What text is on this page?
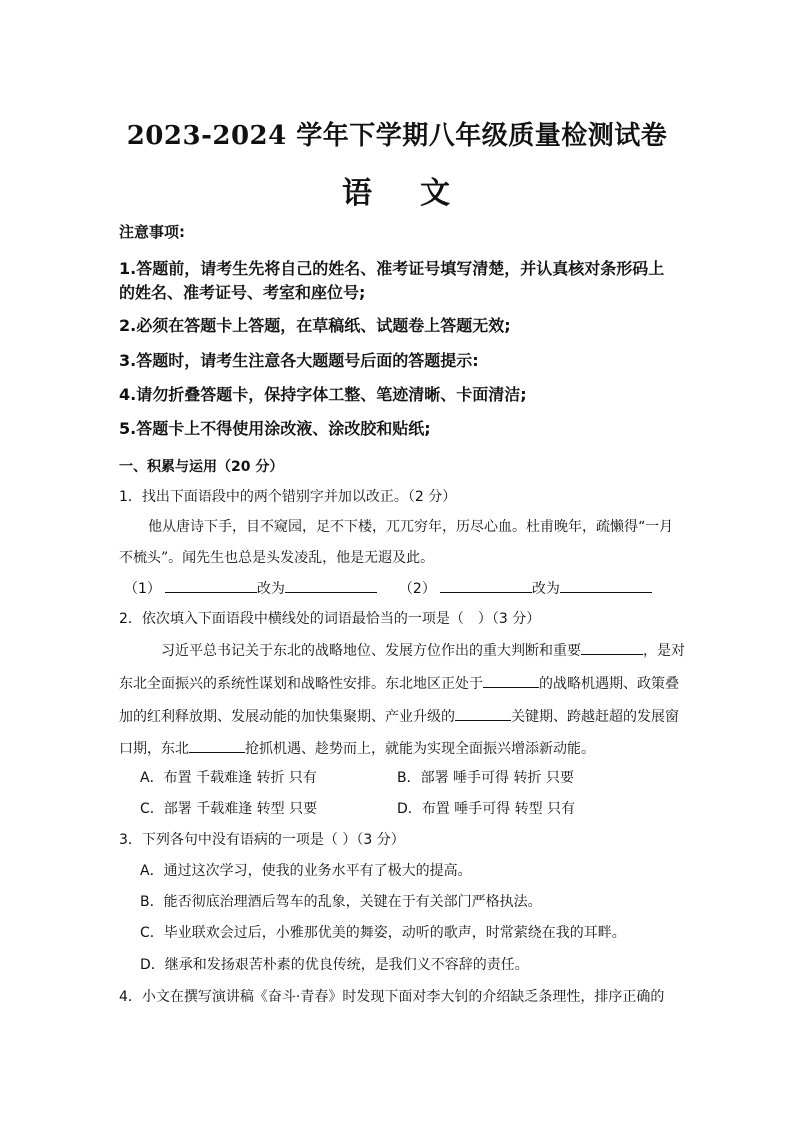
2023-2024 学年下学期八年级质量检测试卷
语 文
注意事项:
1.答题前，请考生先将自己的姓名、准考证号填写清楚，并认真核对条形码上
的姓名、准考证号、考室和座位号;
2.必须在答题卡上答题，在草稿纸、试题卷上答题无效;
3.答题时，请考生注意各大题题号后面的答题提示:
4.请勿折叠答题卡，保持字体工整、笔迹清晰、卡面清洁;
5.答题卡上不得使用涂改液、涂改胶和贴纸;
一、积累与运用（20 分）
1．找出下面语段中的两个错别字并加以改正。（2 分）
他从唐诗下手，目不窥园，足不下楼，兀兀穷年，历尽心血。杜甫晚年，疏懒得“一月
不梳头”。闻先生也总是头发凌乱，他是无遐及此。
（1）	改为	（2）	改为
2．依次填入下面语段中横线处的词语最恰当的一项是（　）（3 分）
习近平总书记关于东北的战略地位、发展方位作出的重大判断和重要	，是对
东北全面振兴的系统性谋划和战略性安排。东北地区正处于	的战略机遇期、政策叠
加的红利释放期、发展动能的加快集聚期、产业升级的	关键期、跨越赶超的发展窗
口期，东北	抢抓机遇、趁势而上，就能为实现全面振兴增添新动能。
A．布置 千载难逢 转折 只有	B．部署 唾手可得 转折 只要
C．部署 千载难逢 转型 只要	D．布置 唾手可得 转型 只有
3．下列各句中没有语病的一项是（ ）（3 分）
A．通过这次学习，使我的业务水平有了极大的提高。
B．能否彻底治理酒后驾车的乱象，关键在于有关部门严格执法。
C．毕业联欢会过后，小雅那优美的舞姿，动听的歌声，时常萦绕在我的耳畔。
D．继承和发扬艰苦朴素的优良传统，是我们义不容辞的责任。
4．小文在撰写演讲稿《奋斗·青春》时发现下面对李大钊的介绍缺乏条理性，排序正确的
